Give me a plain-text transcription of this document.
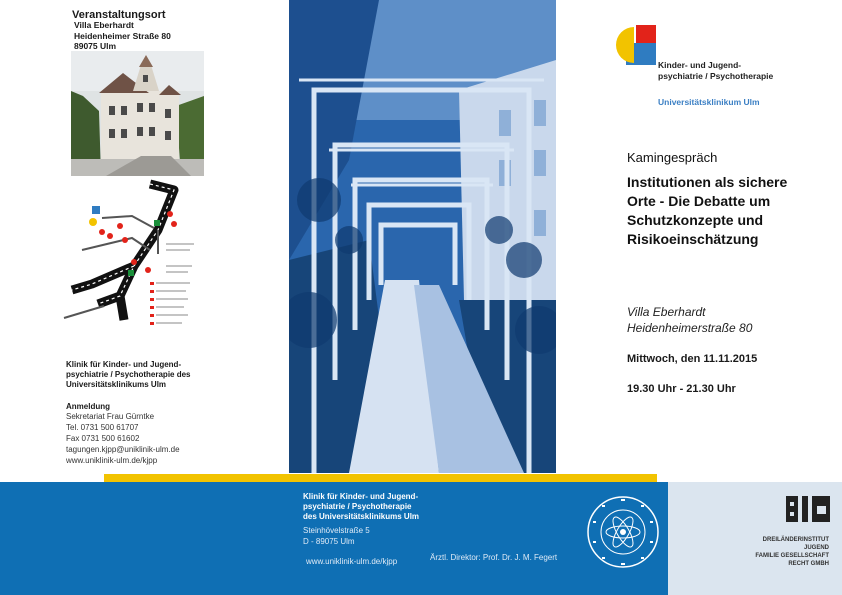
Veranstaltungsort
Villa Eberhardt
Heidenheimer Straße 80
89075 Ulm
Klinik für Kinder- und Jugend-
psychiatrie / Psychotherapie des
Universitätsklinikums Ulm
Anmeldung
Sekretariat Frau Gürntke
Tel. 0731 500 61707
Fax 0731 500 61602
tagungen.kjpp@uniklinik-ulm.de
www.uniklinik-ulm.de/kjpp
Kinder- und Jugend-
psychiatrie / Psychotherapie
Universitätsklinikum Ulm
Kamingespräch
Institutionen als sichere
Orte - Die Debatte um
Schutzkonzepte und
Risikoeinschätzung
Villa Eberhardt
Heidenheimerstraße 80
Mittwoch, den 11.11.2015
19.30 Uhr - 21.30 Uhr
Klinik für Kinder- und Jugend-
psychiatrie / Psychotherapie
des Universitätsklinikums Ulm
Steinhövelstraße 5
D - 89075 Ulm
www.uniklinik-ulm.de/kjpp	Ärztl. Direktor: Prof. Dr. J. M. Fegert
DREILÄNDERINSTITUT
JUGEND
FAMILIE GESELLSCHAFT
RECHT GMBH
